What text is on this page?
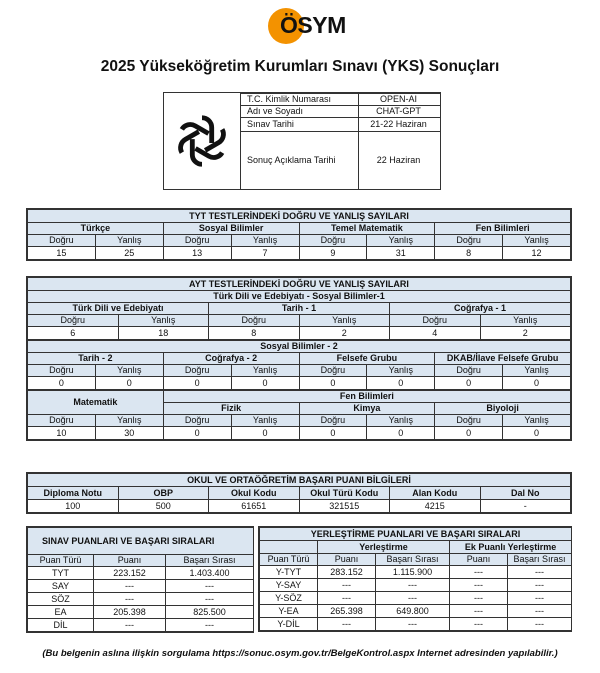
ÖSYM
2025 Yükseköğretim Kurumları Sınavı (YKS) Sonuçları
T.C. Kimlik Numarası	OPEN-AI
Adı ve Soyadı	CHAT-GPT
Sınav Tarihi	21-22 Haziran
Sonuç Açıklama Tarihi	22 Haziran
TYT TESTLERİNDEKİ DOĞRU VE YANLIŞ SAYILARI							
Türkçe		Sosyal Bilimler		Temel Matematik		Fen Bilimleri	
Doğru	Yanlış	Doğru	Yanlış	Doğru	Yanlış	Doğru	Yanlış
15	25	13	7	9	31	8	12
AYT TESTLERİNDEKİ DOĞRU VE YANLIŞ SAYILARI					
Türk Dili ve Edebiyatı - Sosyal Bilimler-1					
Türk Dili ve Edebiyatı		Tarih - 1		Coğrafya - 1	
Doğru	Yanlış	Doğru	Yanlış	Doğru	Yanlış
6	18	8	2	4	2
Sosyal Bilimler - 2							
Tarih - 2		Coğrafya - 2		Felsefe Grubu		DKAB/İlave Felsefe Grubu	
Doğru	Yanlış	Doğru	Yanlış	Doğru	Yanlış	Doğru	Yanlış
0	0	0	0	0	0	0	0
Matematik		Fen Bilimleri					
		Fizik		Kimya		Biyoloji	
Doğru	Yanlış	Doğru	Yanlış	Doğru	Yanlış	Doğru	Yanlış
10	30	0	0	0	0	0	0
OKUL VE ORTAÖĞRETİM BAŞARI PUANI BİLGİLERİ					
Diploma Notu	OBP	Okul Kodu	Okul Türü Kodu	Alan Kodu	Dal No
100	500	61651	321515	4215	-
SINAV PUANLARI VE BAŞARI SIRALARI		
Puan Türü	Puanı	Başarı Sırası
TYT	223.152	1.403.400
SAY	---	---
SÖZ	---	---
EA	205.398	825.500
DİL	---	---
YERLEŞTİRME PUANLARI VE BAŞARI SIRALARI				
	Yerleştirme		Ek Puanlı Yerleştirme	
Puan Türü	Puanı	Başarı Sırası	Puanı	Başarı Sırası
Y-TYT	283.152	1.115.900	---	---
Y-SAY	---	---	---	---
Y-SÖZ	---	---	---	---
Y-EA	265.398	649.800	---	---
Y-DİL	---	---	---	---
(Bu belgenin aslına ilişkin sorgulama https://sonuc.osym.gov.tr/BelgeKontrol.aspx Internet adresinden yapılabilir.)
